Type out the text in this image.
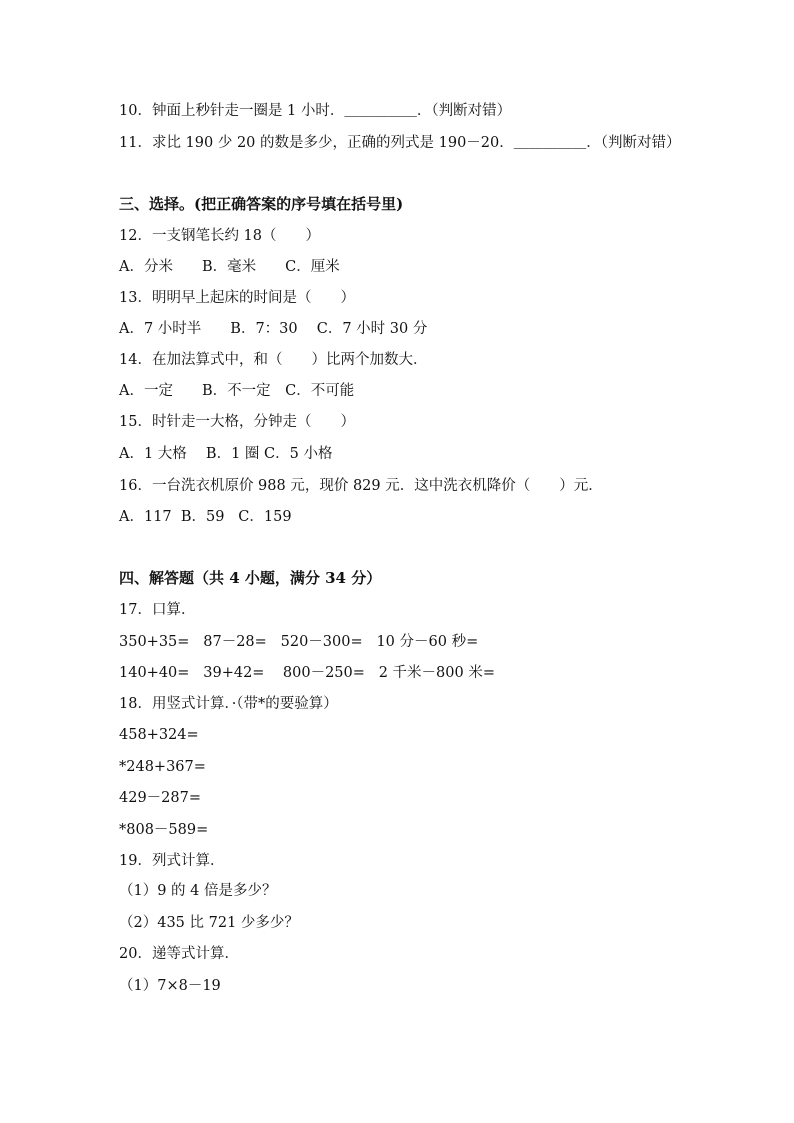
10．钟面上秒针走一圈是 1 小时．＿＿＿＿＿．（判断对错）
11．求比 190 少 20 的数是多少，正确的列式是 190－20．＿＿＿＿＿．（判断对错）
三、选择。(把正确答案的序号填在括号里)
12．一支钢笔长约 18（　　）
A．分米　　B．毫米　　C．厘米
13．明明早上起床的时间是（　　）
A．7 小时半　　B．7：30　 C．7 小时 30 分
14．在加法算式中，和（　　）比两个加数大．
A．一定　　B．不一定　C．不可能
15．时针走一大格，分钟走（　　）
A．1 大格　 B．1 圈 C．5 小格
16．一台洗衣机原价 988 元，现价 829 元．这中洗衣机降价（　　）元．
A．117  B．59   C．159
四、解答题（共 4 小题，满分 34 分）
17．口算．
350+35=   87－28=   520－300=   10 分－60 秒=
140+40=   39+42=    800－250=   2 千米－800 米=
18．用竖式计算．·（带*的要验算）
458+324=
*248+367=
429－287=
*808－589=
19．列式计算．
（1）9 的 4 倍是多少？
（2）435 比 721 少多少？
20．递等式计算．
（1）7×8－19
